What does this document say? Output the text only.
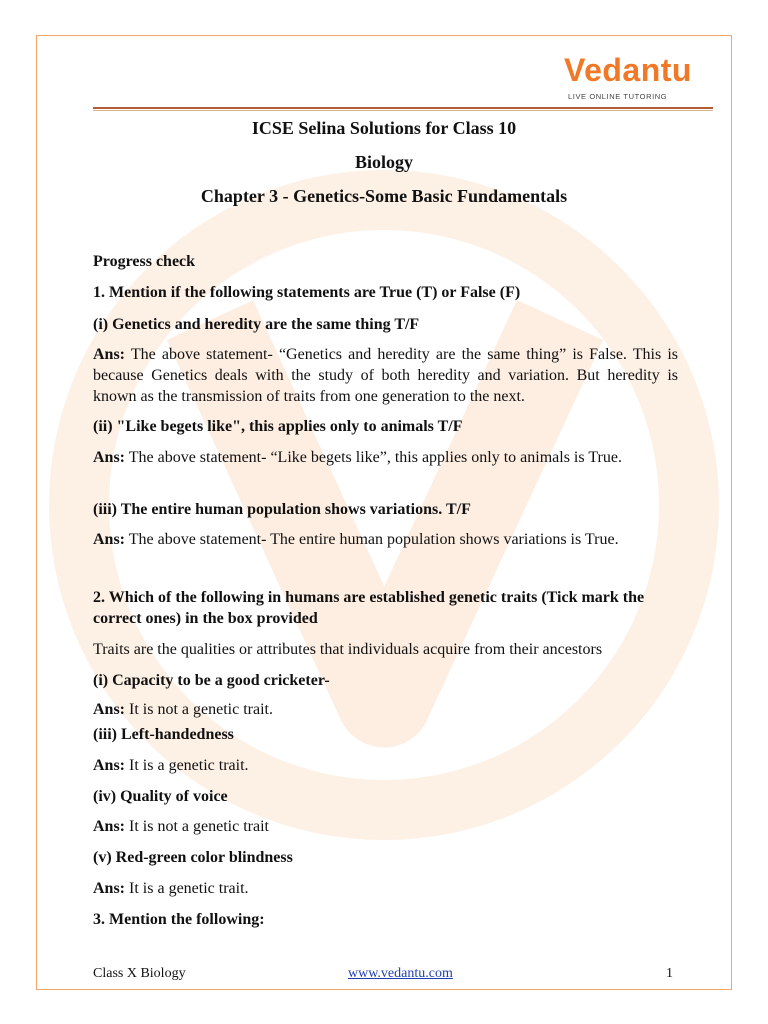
Vedantu
LIVE ONLINE TUTORING
ICSE Selina Solutions for Class 10
Biology
Chapter 3 - Genetics-Some Basic Fundamentals
Progress check
1. Mention if the following statements are True (T) or False (F)
(i) Genetics and heredity are the same thing T/F
Ans: The above statement- “Genetics and heredity are the same thing” is False. This is because Genetics deals with the study of both heredity and variation. But heredity is known as the transmission of traits from one generation to the next.
(ii) "Like begets like", this applies only to animals T/F
Ans: The above statement- “Like begets like”, this applies only to animals is True.
(iii) The entire human population shows variations. T/F
Ans: The above statement- The entire human population shows variations is True.
2. Which of the following in humans are established genetic traits (Tick mark the correct ones) in the box provided
Traits are the qualities or attributes that individuals acquire from their ancestors
(i) Capacity to be a good cricketer-
Ans: It is not a genetic trait.
(iii) Left-handedness
Ans: It is a genetic trait.
(iv) Quality of voice
Ans: It is not a genetic trait
(v) Red-green color blindness
Ans: It is a genetic trait.
3. Mention the following:
Class X Biology	www.vedantu.com	1
